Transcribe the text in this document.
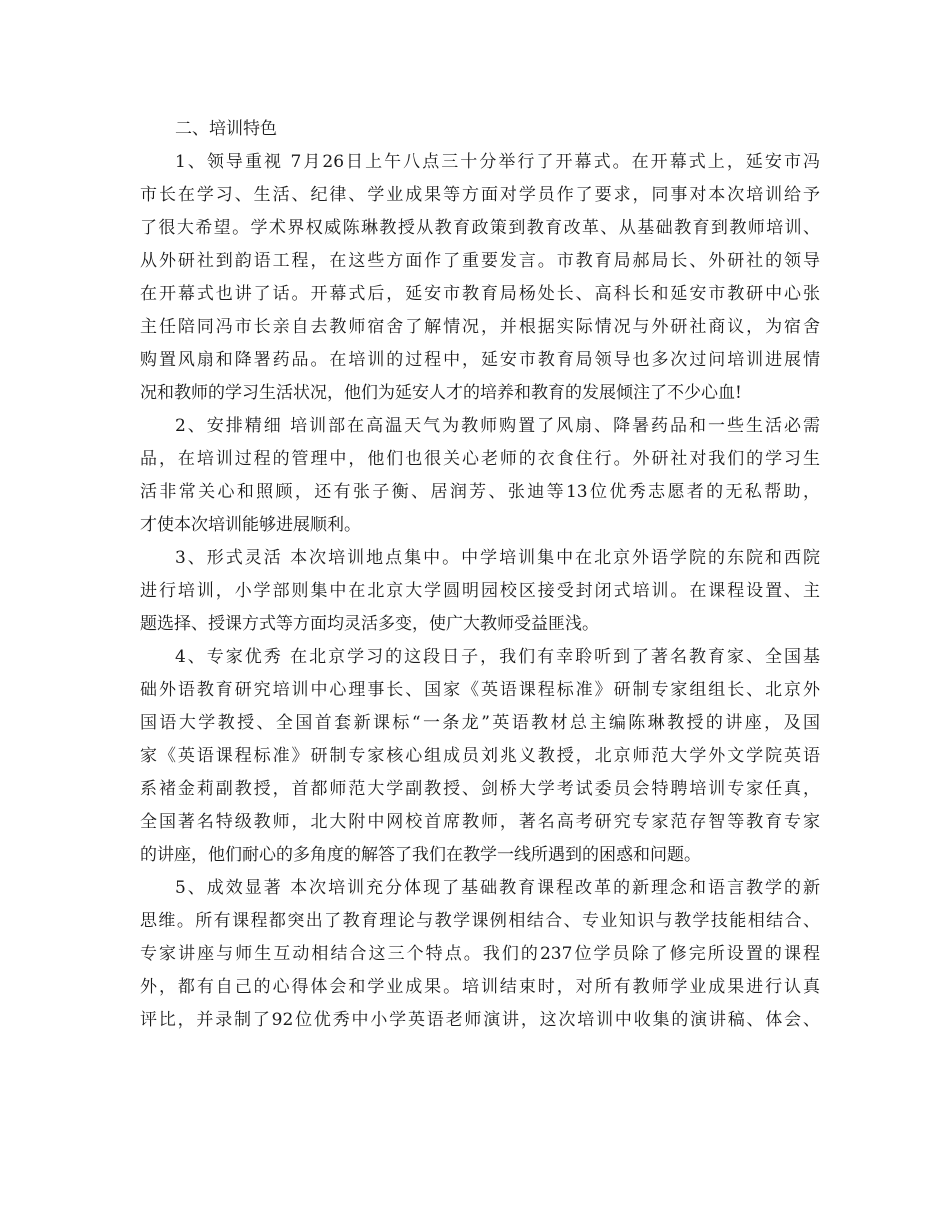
二、培训特色

1、领导重视 7月26日上午八点三十分举行了开幕式。在开幕式上，延安市冯
市长在学习、生活、纪律、学业成果等方面对学员作了要求，同事对本次培训给予
了很大希望。学术界权威陈琳教授从教育政策到教育改革、从基础教育到教师培训、
从外研社到韵语工程，在这些方面作了重要发言。市教育局郝局长、外研社的领导
在开幕式也讲了话。开幕式后，延安市教育局杨处长、高科长和延安市教研中心张
主任陪同冯市长亲自去教师宿舍了解情况，并根据实际情况与外研社商议，为宿舍
购置风扇和降署药品。在培训的过程中，延安市教育局领导也多次过问培训进展情
况和教师的学习生活状况，他们为延安人才的培养和教育的发展倾注了不少心血!
2、安排精细 培训部在高温天气为教师购置了风扇、降暑药品和一些生活必需
品，在培训过程的管理中，他们也很关心老师的衣食住行。外研社对我们的学习生
活非常关心和照顾，还有张子衡、居润芳、张迪等13位优秀志愿者的无私帮助，
才使本次培训能够进展顺利。
3、形式灵活 本次培训地点集中。中学培训集中在北京外语学院的东院和西院
进行培训，小学部则集中在北京大学圆明园校区接受封闭式培训。在课程设置、主
题选择、授课方式等方面均灵活多变，使广大教师受益匪浅。
4、专家优秀 在北京学习的这段日子，我们有幸聆听到了著名教育家、全国基
础外语教育研究培训中心理事长、国家《英语课程标准》研制专家组组长、北京外
国语大学教授、全国首套新课标“一条龙”英语教材总主编陈琳教授的讲座，及国
家《英语课程标准》研制专家核心组成员刘兆义教授，北京师范大学外文学院英语
系褚金莉副教授，首都师范大学副教授、剑桥大学考试委员会特聘培训专家任真，
全国著名特级教师，北大附中网校首席教师，著名高考研究专家范存智等教育专家
的讲座，他们耐心的多角度的解答了我们在教学一线所遇到的困惑和问题。
5、成效显著 本次培训充分体现了基础教育课程改革的新理念和语言教学的新
思维。所有课程都突出了教育理论与教学课例相结合、专业知识与教学技能相结合、
专家讲座与师生互动相结合这三个特点。我们的237位学员除了修完所设置的课程
外，都有自己的心得体会和学业成果。培训结束时，对所有教师学业成果进行认真
评比，并录制了92位优秀中小学英语老师演讲，这次培训中收集的演讲稿、体会、
